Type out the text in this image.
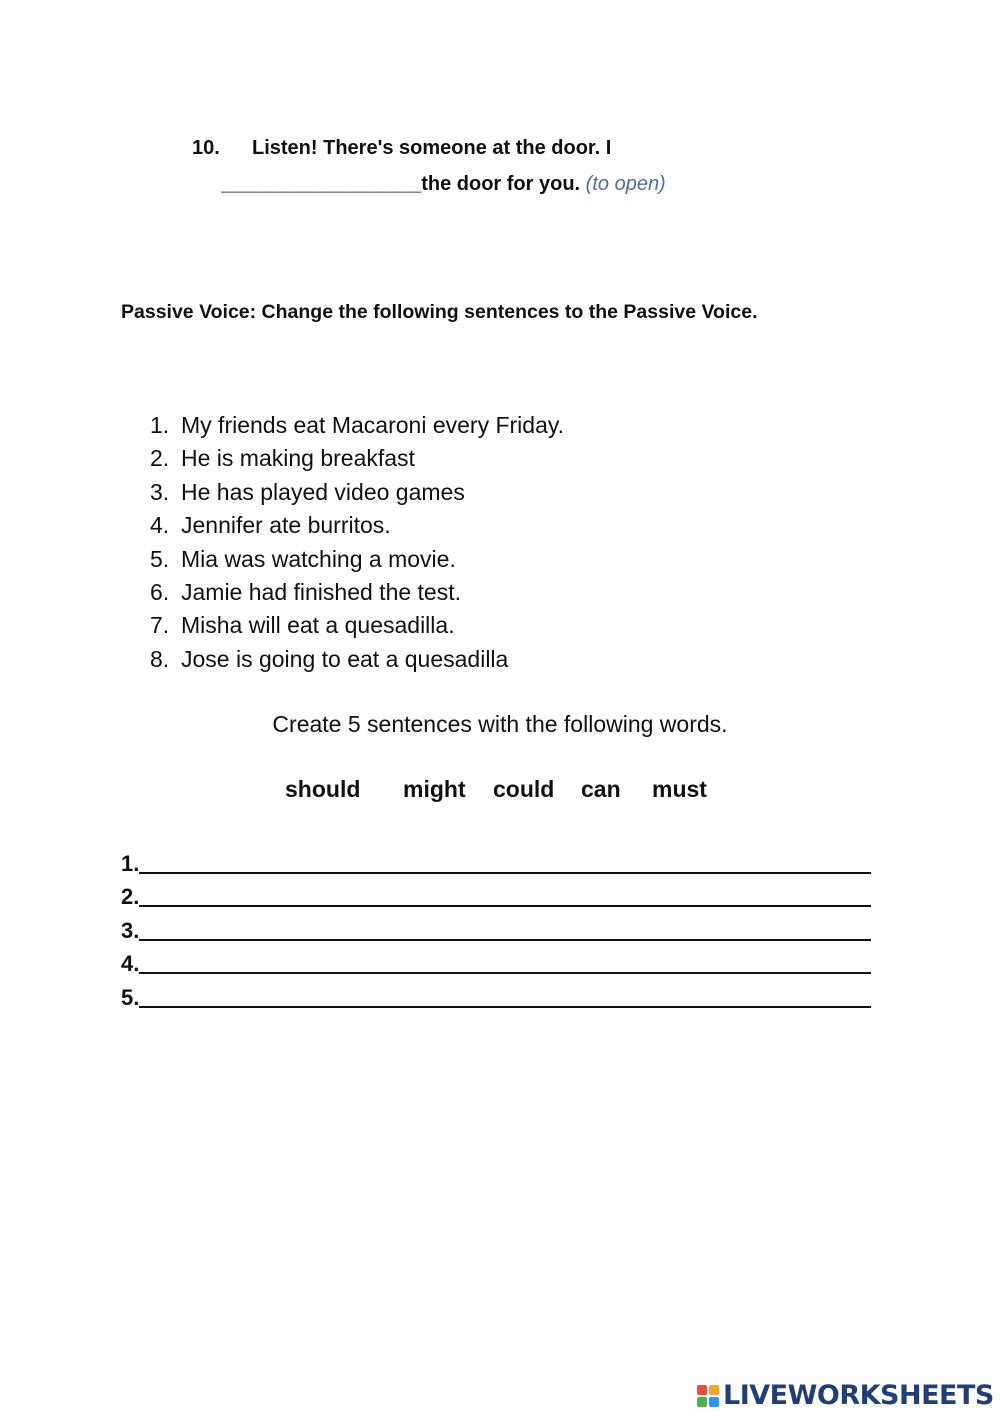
10. Listen! There's someone at the door. I
__________________the door for you. (to open)
Passive Voice: Change the following sentences to the Passive Voice.
1. My friends eat Macaroni every Friday.
2. He is making breakfast
3. He has played video games
4. Jennifer ate burritos.
5. Mia was watching a movie.
6. Jamie had finished the test.
7. Misha will eat a quesadilla.
8. Jose is going to eat a quesadilla
Create 5 sentences with the following words.
should might could can must
1.
2.
3.
4.
5.
LIVEWORKSHEETS
